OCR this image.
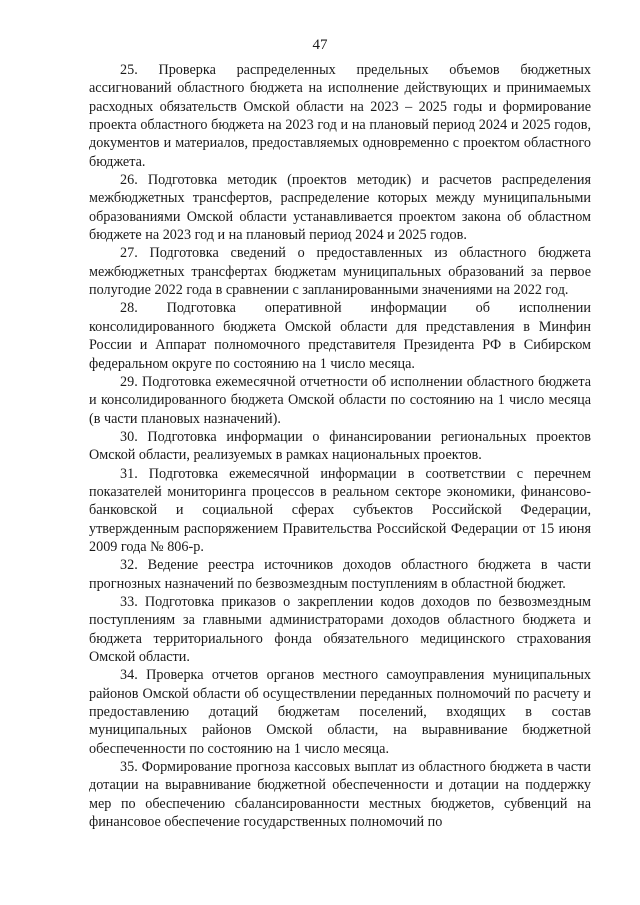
47

25. Проверка распределенных предельных объемов бюджетных ассигнований областного бюджета на исполнение действующих и принимаемых расходных обязательств Омской области на 2023 – 2025 годы и формирование проекта областного бюджета на 2023 год и на плановый период 2024 и 2025 годов, документов и материалов, предоставляемых одновременно с проектом областного бюджета.

26. Подготовка методик (проектов методик) и расчетов распределения межбюджетных трансфертов, распределение которых между муниципальными образованиями Омской области устанавливается проектом закона об областном бюджете на 2023 год и на плановый период 2024 и 2025 годов.

27. Подготовка сведений о предоставленных из областного бюджета межбюджетных трансфертах бюджетам муниципальных образований за первое полугодие 2022 года в сравнении с запланированными значениями на 2022 год.

28. Подготовка оперативной информации об исполнении консолидированного бюджета Омской области для представления в Минфин России и Аппарат полномочного представителя Президента РФ в Сибирском федеральном округе по состоянию на 1 число месяца.

29. Подготовка ежемесячной отчетности об исполнении областного бюджета и консолидированного бюджета Омской области по состоянию на 1 число месяца (в части плановых назначений).

30. Подготовка информации о финансировании региональных проектов Омской области, реализуемых в рамках национальных проектов.

31. Подготовка ежемесячной информации в соответствии с перечнем показателей мониторинга процессов в реальном секторе экономики, финансово-банковской и социальной сферах субъектов Российской Федерации, утвержденным распоряжением Правительства Российской Федерации от 15 июня 2009 года № 806-р.

32. Ведение реестра источников доходов областного бюджета в части прогнозных назначений по безвозмездным поступлениям в областной бюджет.

33. Подготовка приказов о закреплении кодов доходов по безвозмездным поступлениям за главными администраторами доходов областного бюджета и бюджета территориального фонда обязательного медицинского страхования Омской области.

34. Проверка отчетов органов местного самоуправления муниципальных районов Омской области об осуществлении переданных полномочий по расчету и предоставлению дотаций бюджетам поселений, входящих в состав муниципальных районов Омской области, на выравнивание бюджетной обеспеченности по состоянию на 1 число месяца.

35. Формирование прогноза кассовых выплат из областного бюджета в части дотации на выравнивание бюджетной обеспеченности и дотации на поддержку мер по обеспечению сбалансированности местных бюджетов, субвенций на финансовое обеспечение государственных полномочий по
